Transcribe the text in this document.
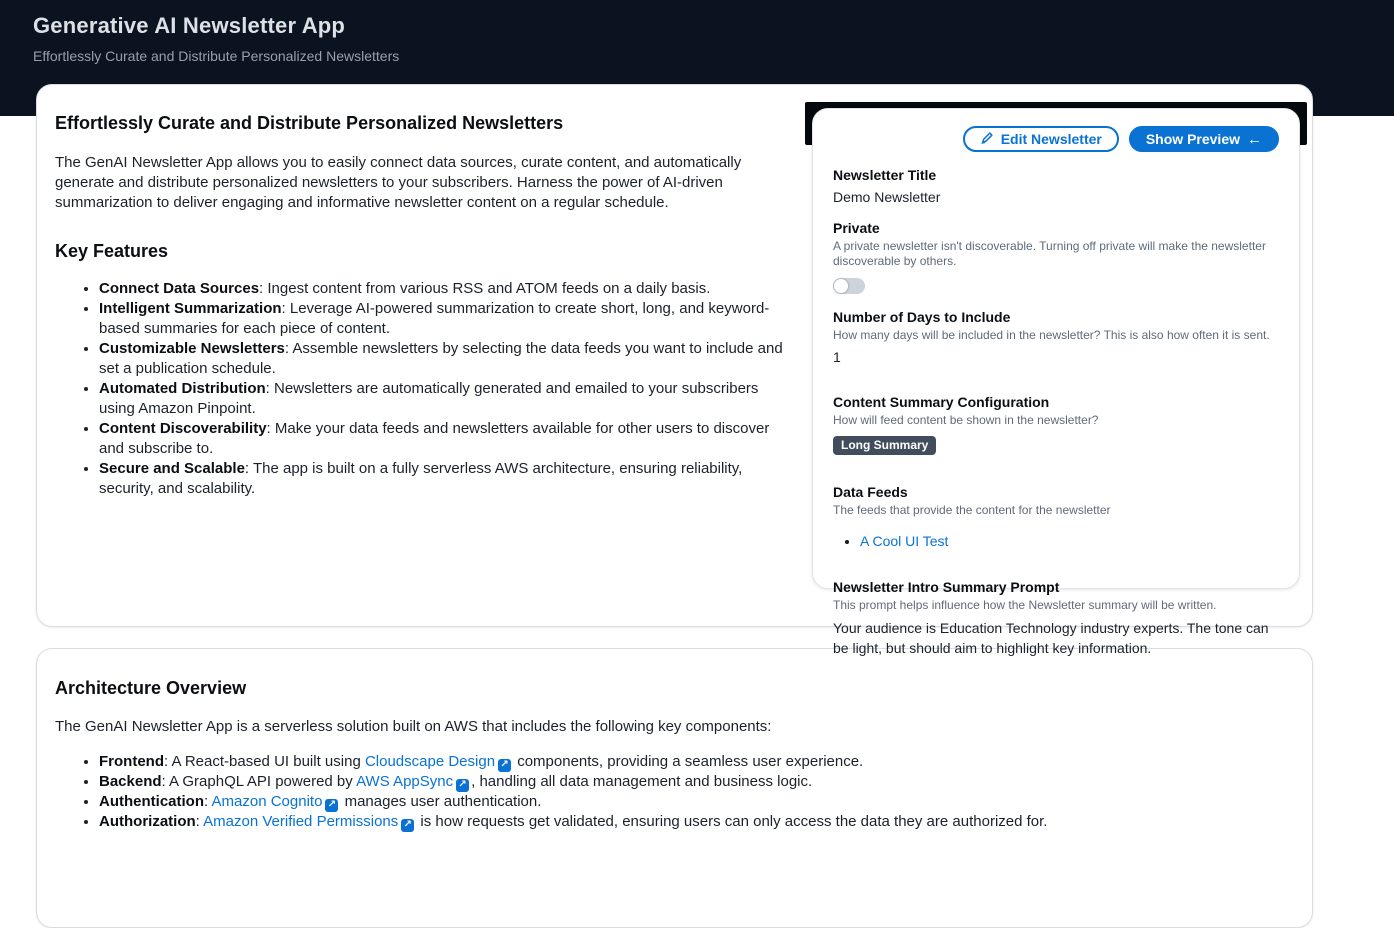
Generative AI Newsletter App
Effortlessly Curate and Distribute Personalized Newsletters
Effortlessly Curate and Distribute Personalized Newsletters

The GenAI Newsletter App allows you to easily connect data sources, curate content, and automatically generate and distribute personalized newsletters to your subscribers. Harness the power of AI-driven summarization to deliver engaging and informative newsletter content on a regular schedule.

Key Features
• Connect Data Sources: Ingest content from various RSS and ATOM feeds on a daily basis.
• Intelligent Summarization: Leverage AI-powered summarization to create short, long, and keyword-based summaries for each piece of content.
• Customizable Newsletters: Assemble newsletters by selecting the data feeds you want to include and set a publication schedule.
• Automated Distribution: Newsletters are automatically generated and emailed to your subscribers using Amazon Pinpoint.
• Content Discoverability: Make your data feeds and newsletters available for other users to discover and subscribe to.
• Secure and Scalable: The app is built on a fully serverless AWS architecture, ensuring reliability, security, and scalability.
Edit Newsletter	Show Preview ←
Newsletter Title
Demo Newsletter
Private
A private newsletter isn't discoverable. Turning off private will make the newsletter discoverable by others.
Number of Days to Include
How many days will be included in the newsletter? This is also how often it is sent.
1
Content Summary Configuration
How will feed content be shown in the newsletter?
Long Summary
Data Feeds
The feeds that provide the content for the newsletter
• A Cool UI Test
Newsletter Intro Summary Prompt
This prompt helps influence how the Newsletter summary will be written.
Your audience is Education Technology industry experts. The tone can be light, but should aim to highlight key information.
Architecture Overview

The GenAI Newsletter App is a serverless solution built on AWS that includes the following key components:

• Frontend: A React-based UI built using Cloudscape Design ↗ components, providing a seamless user experience.
• Backend: A GraphQL API powered by AWS AppSync ↗ , handling all data management and business logic.
• Authentication: Amazon Cognito ↗ manages user authentication.
• Authorization: Amazon Verified Permissions ↗ is how requests get validated, ensuring users can only access the data they are authorized for.
